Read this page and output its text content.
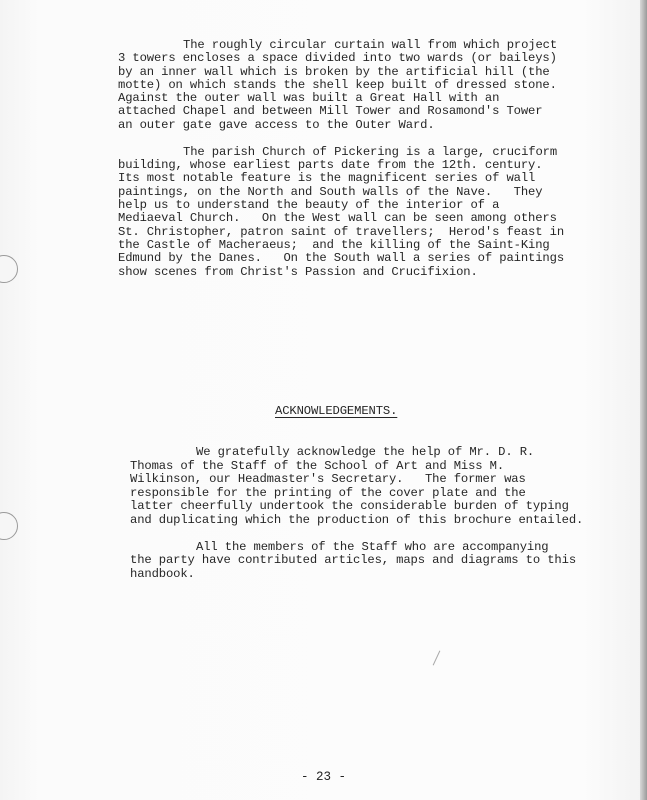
The roughly circular curtain wall from which project
3 towers encloses a space divided into two wards (or baileys)
by an inner wall which is broken by the artificial hill (the
motte) on which stands the shell keep built of dressed stone.
Against the outer wall was built a Great Hall with an
attached Chapel and between Mill Tower and Rosamond's Tower
an outer gate gave access to the Outer Ward.
The parish Church of Pickering is a large, cruciform
building, whose earliest parts date from the 12th. century.
Its most notable feature is the magnificent series of wall
paintings, on the North and South walls of the Nave.   They
help us to understand the beauty of the interior of a
Mediaeval Church.   On the West wall can be seen among others
St. Christopher, patron saint of travellers;  Herod's feast in
the Castle of Macheraeus;  and the killing of the Saint-King
Edmund by the Danes.   On the South wall a series of paintings
show scenes from Christ's Passion and Crucifixion.
ACKNOWLEDGEMENTS.
We gratefully acknowledge the help of Mr. D. R.
Thomas of the Staff of the School of Art and Miss M.
Wilkinson, our Headmaster's Secretary.   The former was
responsible for the printing of the cover plate and the
latter cheerfully undertook the considerable burden of typing
and duplicating which the production of this brochure entailed.
All the members of the Staff who are accompanying
the party have contributed articles, maps and diagrams to this
handbook.
- 23 -
